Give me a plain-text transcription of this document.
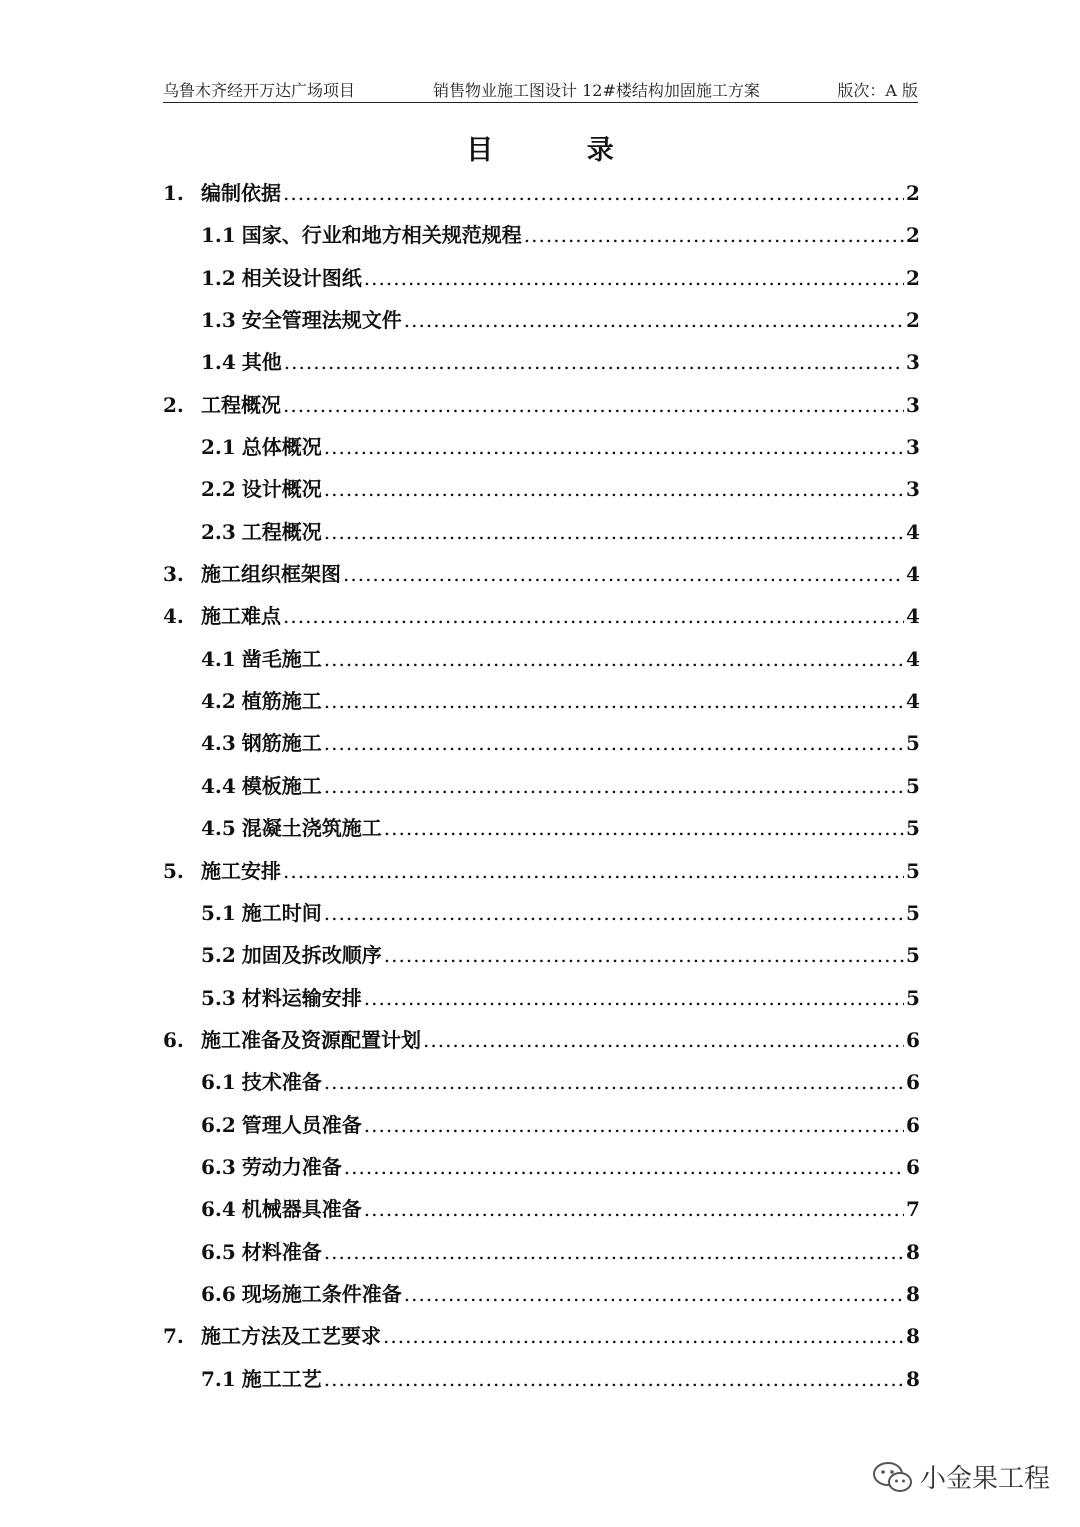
乌鲁木齐经开万达广场项目	销售物业施工图设计 12#楼结构加固施工方案	版次：A 版
目 录
1. 编制依据 .....	2
1.1 国家、行业和地方相关规范规程 .....	2
1.2 相关设计图纸 .....	2
1.3 安全管理法规文件 .....	2
1.4 其他 .....	3
2. 工程概况 .....	3
2.1 总体概况 .....	3
2.2 设计概况 .....	3
2.3 工程概况 .....	4
3. 施工组织框架图 .....	4
4. 施工难点 .....	4
4.1 凿毛施工 .....	4
4.2 植筋施工 .....	4
4.3 钢筋施工 .....	5
4.4 模板施工 .....	5
4.5 混凝土浇筑施工 .....	5
5. 施工安排 .....	5
5.1 施工时间 .....	5
5.2 加固及拆改顺序 .....	5
5.3 材料运输安排 .....	5
6. 施工准备及资源配置计划 .....	6
6.1 技术准备 .....	6
6.2 管理人员准备 .....	6
6.3 劳动力准备 .....	6
6.4 机械器具准备 .....	7
6.5 材料准备 .....	8
6.6 现场施工条件准备 .....	8
7. 施工方法及工艺要求 .....	8
7.1 施工工艺 .....	8
小金果工程
